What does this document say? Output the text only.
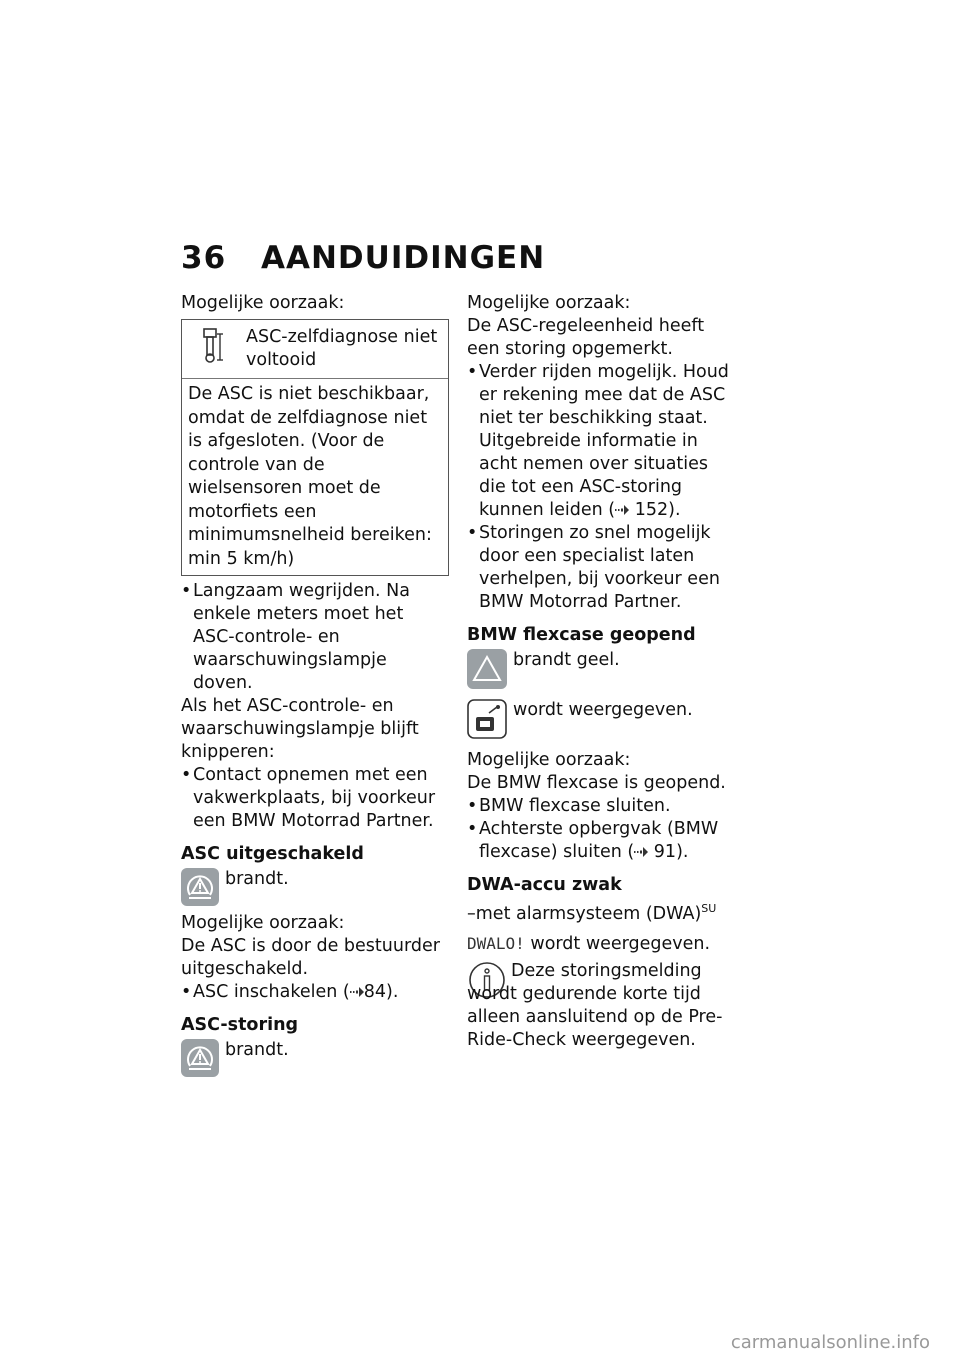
36 AANDUIDINGEN

Mogelijke oorzaak:

ASC-zelfdiagnose niet voltooid
De ASC is niet beschikbaar, omdat de zelfdiagnose niet is afgesloten. (Voor de controle van de wielsensoren moet de motorfiets een minimumsnelheid bereiken: min 5 km/h)

• Langzaam wegrijden. Na enkele meters moet het ASC-controle- en waarschuwingslampje doven.

Als het ASC-controle- en waarschuwingslampje blijft knipperen:

• Contact opnemen met een vakwerkplaats, bij voorkeur een BMW Motorrad Partner.

ASC uitgeschakeld

brandt.

Mogelijke oorzaak:

De ASC is door de bestuurder uitgeschakeld.

• ASC inschakelen ( 84).

ASC-storing

brandt.

Mogelijke oorzaak:

De ASC-regeleenheid heeft een storing opgemerkt.

• Verder rijden mogelijk. Houd er rekening mee dat de ASC niet ter beschikking staat. Uitgebreide informatie in acht nemen over situaties die tot een ASC-storing kunnen leiden ( 152).

• Storingen zo snel mogelijk door een specialist laten verhelpen, bij voorkeur een BMW Motorrad Partner.

BMW flexcase geopend

brandt geel.
wordt weergegeven.

Mogelijke oorzaak:

De BMW flexcase is geopend.

• BMW flexcase sluiten.

• Achterste opbergvak (BMW flexcase) sluiten ( 91).

DWA-accu zwak

–met alarmsysteem (DWA)$^{SU}$

DWALO! wordt weergegeven.

Deze storingsmelding wordt gedurende korte tijd alleen aansluitend op de Pre-Ride-Check weergegeven.

carmanualsonline.info
